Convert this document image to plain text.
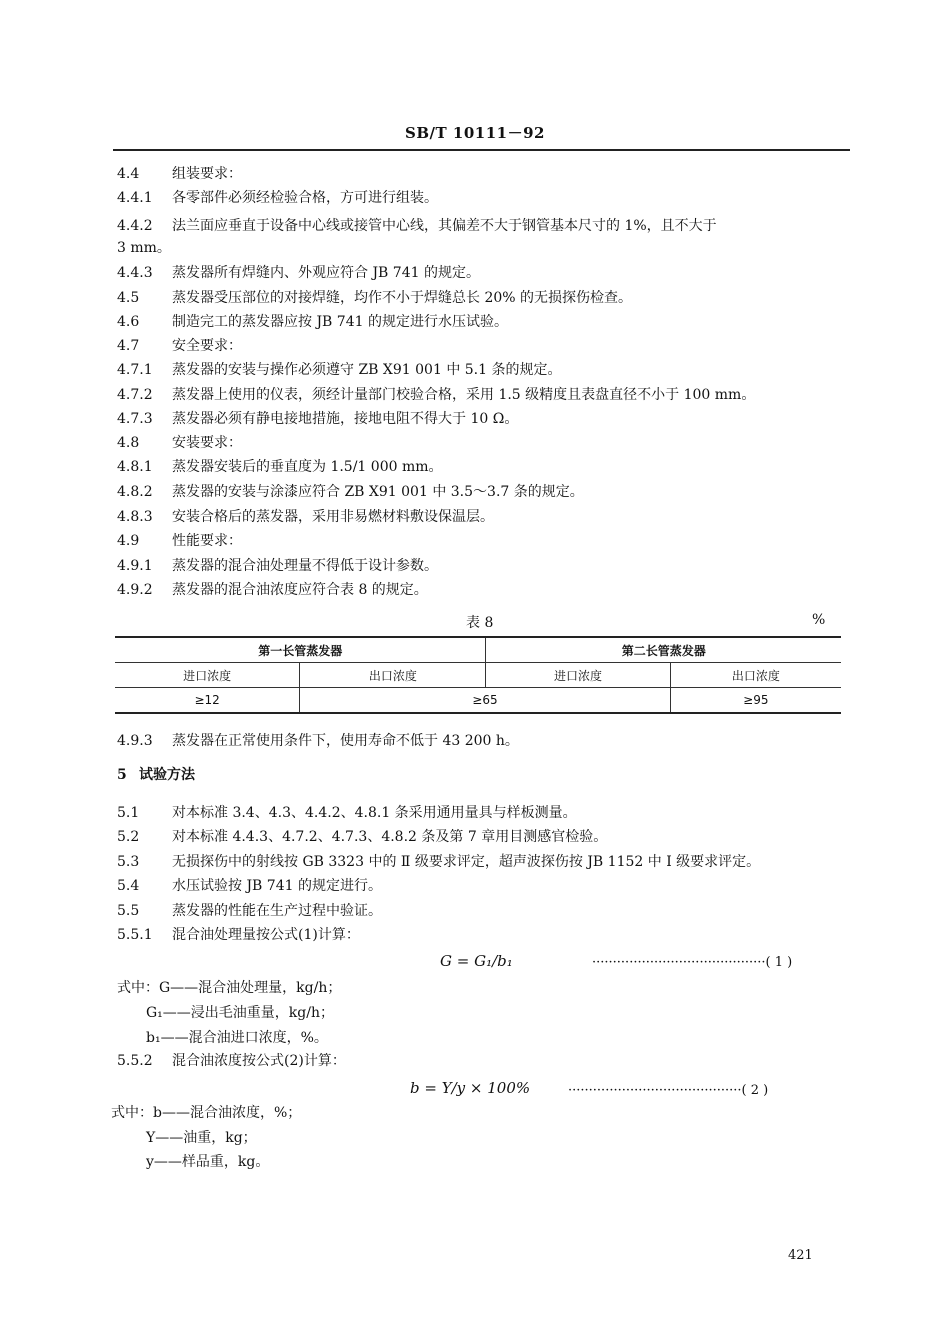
SB/T 10111－92
4.4 组装要求：
4.4.1 各零部件必须经检验合格，方可进行组装。
4.4.2 法兰面应垂直于设备中心线或接管中心线，其偏差不大于钢管基本尺寸的 1%，且不大于
3 mm。
4.4.3 蒸发器所有焊缝内、外观应符合 JB 741 的规定。
4.5 蒸发器受压部位的对接焊缝，均作不小于焊缝总长 20% 的无损探伤检查。
4.6 制造完工的蒸发器应按 JB 741 的规定进行水压试验。
4.7 安全要求：
4.7.1 蒸发器的安装与操作必须遵守 ZB X91 001 中 5.1 条的规定。
4.7.2 蒸发器上使用的仪表，须经计量部门校验合格，采用 1.5 级精度且表盘直径不小于 100 mm。
4.7.3 蒸发器必须有静电接地措施，接地电阻不得大于 10 Ω。
4.8 安装要求：
4.8.1 蒸发器安装后的垂直度为 1.5/1 000 mm。
4.8.2 蒸发器的安装与涂漆应符合 ZB X91 001 中 3.5～3.7 条的规定。
4.8.3 安装合格后的蒸发器，采用非易燃材料敷设保温层。
4.9 性能要求：
4.9.1 蒸发器的混合油处理量不得低于设计参数。
4.9.2 蒸发器的混合油浓度应符合表 8 的规定。
表 8	%
第一长管蒸发器		第二长管蒸发器	
进口浓度	出口浓度	进口浓度	出口浓度
≥12	≥65		≥95
4.9.3 蒸发器在正常使用条件下，使用寿命不低于 43 200 h。
5 试验方法
5.1 对本标准 3.4、4.3、4.4.2、4.8.1 条采用通用量具与样板测量。
5.2 对本标准 4.4.3、4.7.2、4.7.3、4.8.2 条及第 7 章用目测感官检验。
5.3 无损探伤中的射线按 GB 3323 中的 Ⅱ 级要求评定，超声波探伤按 JB 1152 中 Ⅰ 级要求评定。
5.4 水压试验按 JB 741 的规定进行。
5.5 蒸发器的性能在生产过程中验证。
5.5.1 混合油处理量按公式(1)计算：
G = G₁/b₁	··········································( 1 )
式中：G——混合油处理量，kg/h；
G₁——浸出毛油重量，kg/h；
b₁——混合油进口浓度，%。
5.5.2 混合油浓度按公式(2)计算：
b = Y/y × 100%	··········································( 2 )
式中：b——混合油浓度，%；
Y——油重，kg；
y——样品重，kg。
421
